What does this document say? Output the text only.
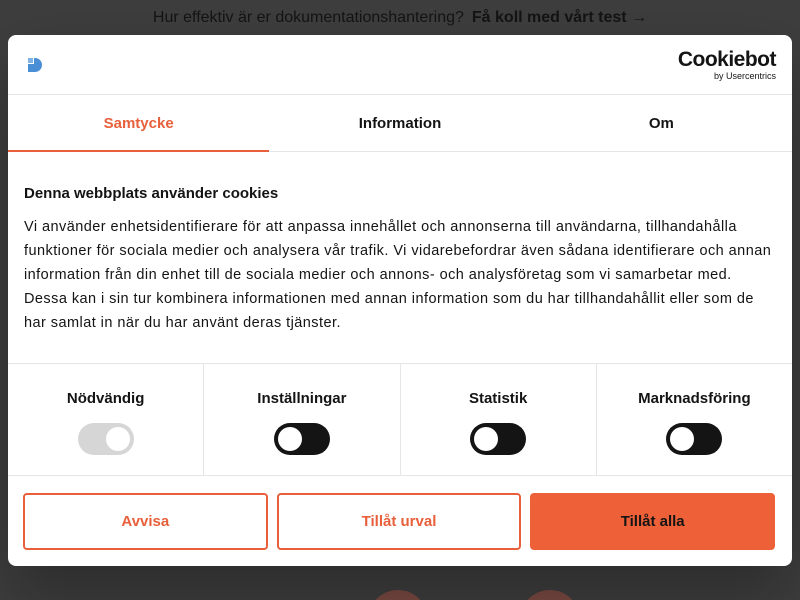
Hur effektiv är er dokumentationshantering? Få koll med vårt test →
Cookiebot
by Usercentrics
Samtycke	Information	Om
Denna webbplats använder cookies

Vi använder enhetsidentifierare för att anpassa innehållet och annonserna till användarna, tillhandahålla funktioner för sociala medier och analysera vår trafik. Vi vidarebefordrar även sådana identifierare och annan information från din enhet till de sociala medier och annons- och analysföretag som vi samarbetar med. Dessa kan i sin tur kombinera informationen med annan information som du har tillhandahållit eller som de har samlat in när du har använt deras tjänster.

Nödvändig	Inställningar	Statistik	Marknadsföring
Avvisa	Tillåt urval	Tillåt alla
